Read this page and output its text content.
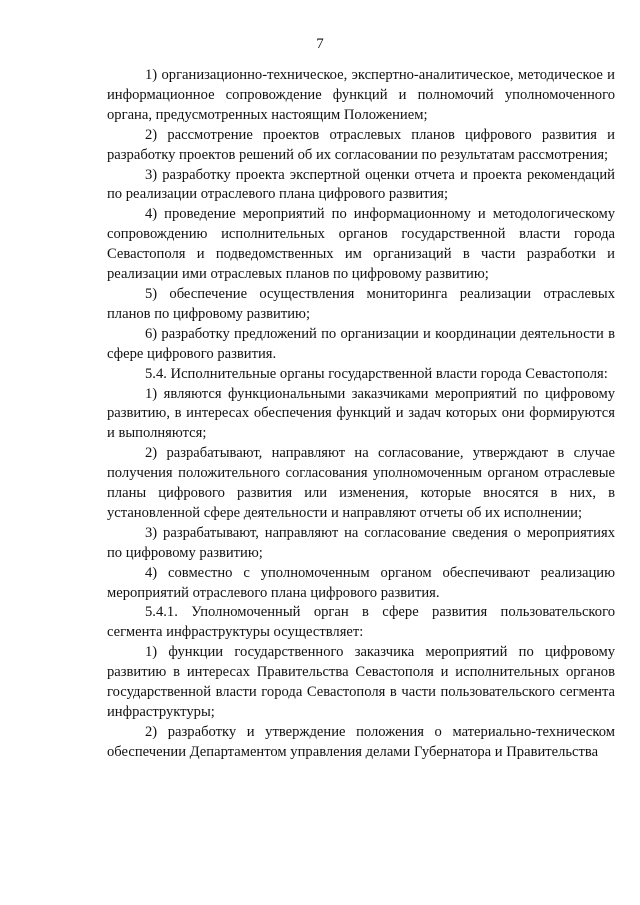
7

1) организационно-техническое, экспертно-аналитическое, методическое и информационное сопровождение функций и полномочий уполномоченного органа, предусмотренных настоящим Положением;

2) рассмотрение проектов отраслевых планов цифрового развития и разработку проектов решений об их согласовании по результатам рассмотрения;

3) разработку проекта экспертной оценки отчета и проекта рекомендаций по реализации отраслевого плана цифрового развития;

4) проведение мероприятий по информационному и методологическому сопровождению исполнительных органов государственной власти города Севастополя и подведомственных им организаций в части разработки и реализации ими отраслевых планов по цифровому развитию;

5) обеспечение осуществления мониторинга реализации отраслевых планов по цифровому развитию;

6) разработку предложений по организации и координации деятельности в сфере цифрового развития.

5.4. Исполнительные органы государственной власти города Севастополя:

1) являются функциональными заказчиками мероприятий по цифровому развитию, в интересах обеспечения функций и задач которых они формируются и выполняются;

2) разрабатывают, направляют на согласование, утверждают в случае получения положительного согласования уполномоченным органом отраслевые планы цифрового развития или изменения, которые вносятся в них, в установленной сфере деятельности и направляют отчеты об их исполнении;

3) разрабатывают, направляют на согласование сведения о мероприятиях по цифровому развитию;

4) совместно с уполномоченным органом обеспечивают реализацию мероприятий отраслевого плана цифрового развития.

5.4.1. Уполномоченный орган в сфере развития пользовательского сегмента инфраструктуры осуществляет:

1) функции государственного заказчика мероприятий по цифровому развитию в интересах Правительства Севастополя и исполнительных органов государственной власти города Севастополя в части пользовательского сегмента инфраструктуры;

2) разработку и утверждение положения о материально-техническом обеспечении Департаментом управления делами Губернатора и Правительства
